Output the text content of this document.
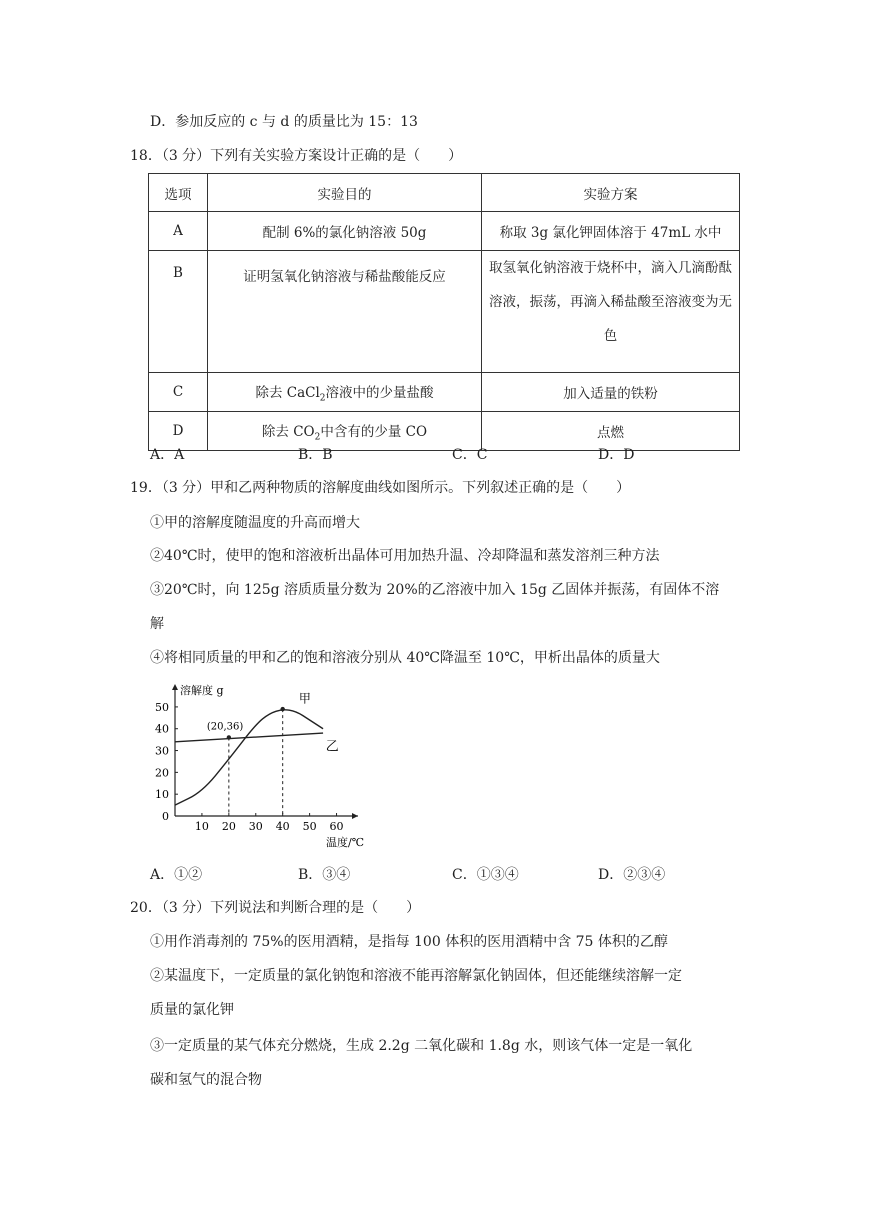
D．参加反应的 c 与 d 的质量比为 15：13
18．（3 分）下列有关实验方案设计正确的是（　　）
选项	实验目的	实验方案
A	配制 6%的氯化钠溶液 50g	称取 3g 氯化钾固体溶于 47mL 水中
B	证明氢氧化钠溶液与稀盐酸能反应	取氢氧化钠溶液于烧杯中，滴入几滴酚酞溶液，振荡，再滴入稀盐酸至溶液变为无色
C	除去 CaCl$_2$溶液中的少量盐酸	加入适量的铁粉
D	除去 $CO_2$中含有的少量 CO	点燃
A．A	B．B	C．C	D．D
19．（3 分）甲和乙两种物质的溶解度曲线如图所示。下列叙述正确的是（　　）
①甲的溶解度随温度的升高而增大
②40℃时，使甲的饱和溶液析出晶体可用加热升温、冷却降温和蒸发溶剂三种方法
③20℃时，向 125g 溶质质量分数为 20%的乙溶液中加入 15g 乙固体并振荡，有固体不溶
解
④将相同质量的甲和乙的饱和溶液分别从 40℃降温至 10℃，甲析出晶体的质量大
10 20 30 40 50 60
0
10
20
30
40
50
溶解度 g
温度/℃
(20,36)
甲
乙
A．①②	B．③④	C．①③④	D．②③④
20．（3 分）下列说法和判断合理的是（　　）
①用作消毒剂的 75%的医用酒精，是指每 100 体积的医用酒精中含 75 体积的乙醇
②某温度下，一定质量的氯化钠饱和溶液不能再溶解氯化钠固体，但还能继续溶解一定
质量的氯化钾
③一定质量的某气体充分燃烧，生成 2.2g 二氧化碳和 1.8g 水，则该气体一定是一氧化
碳和氢气的混合物
